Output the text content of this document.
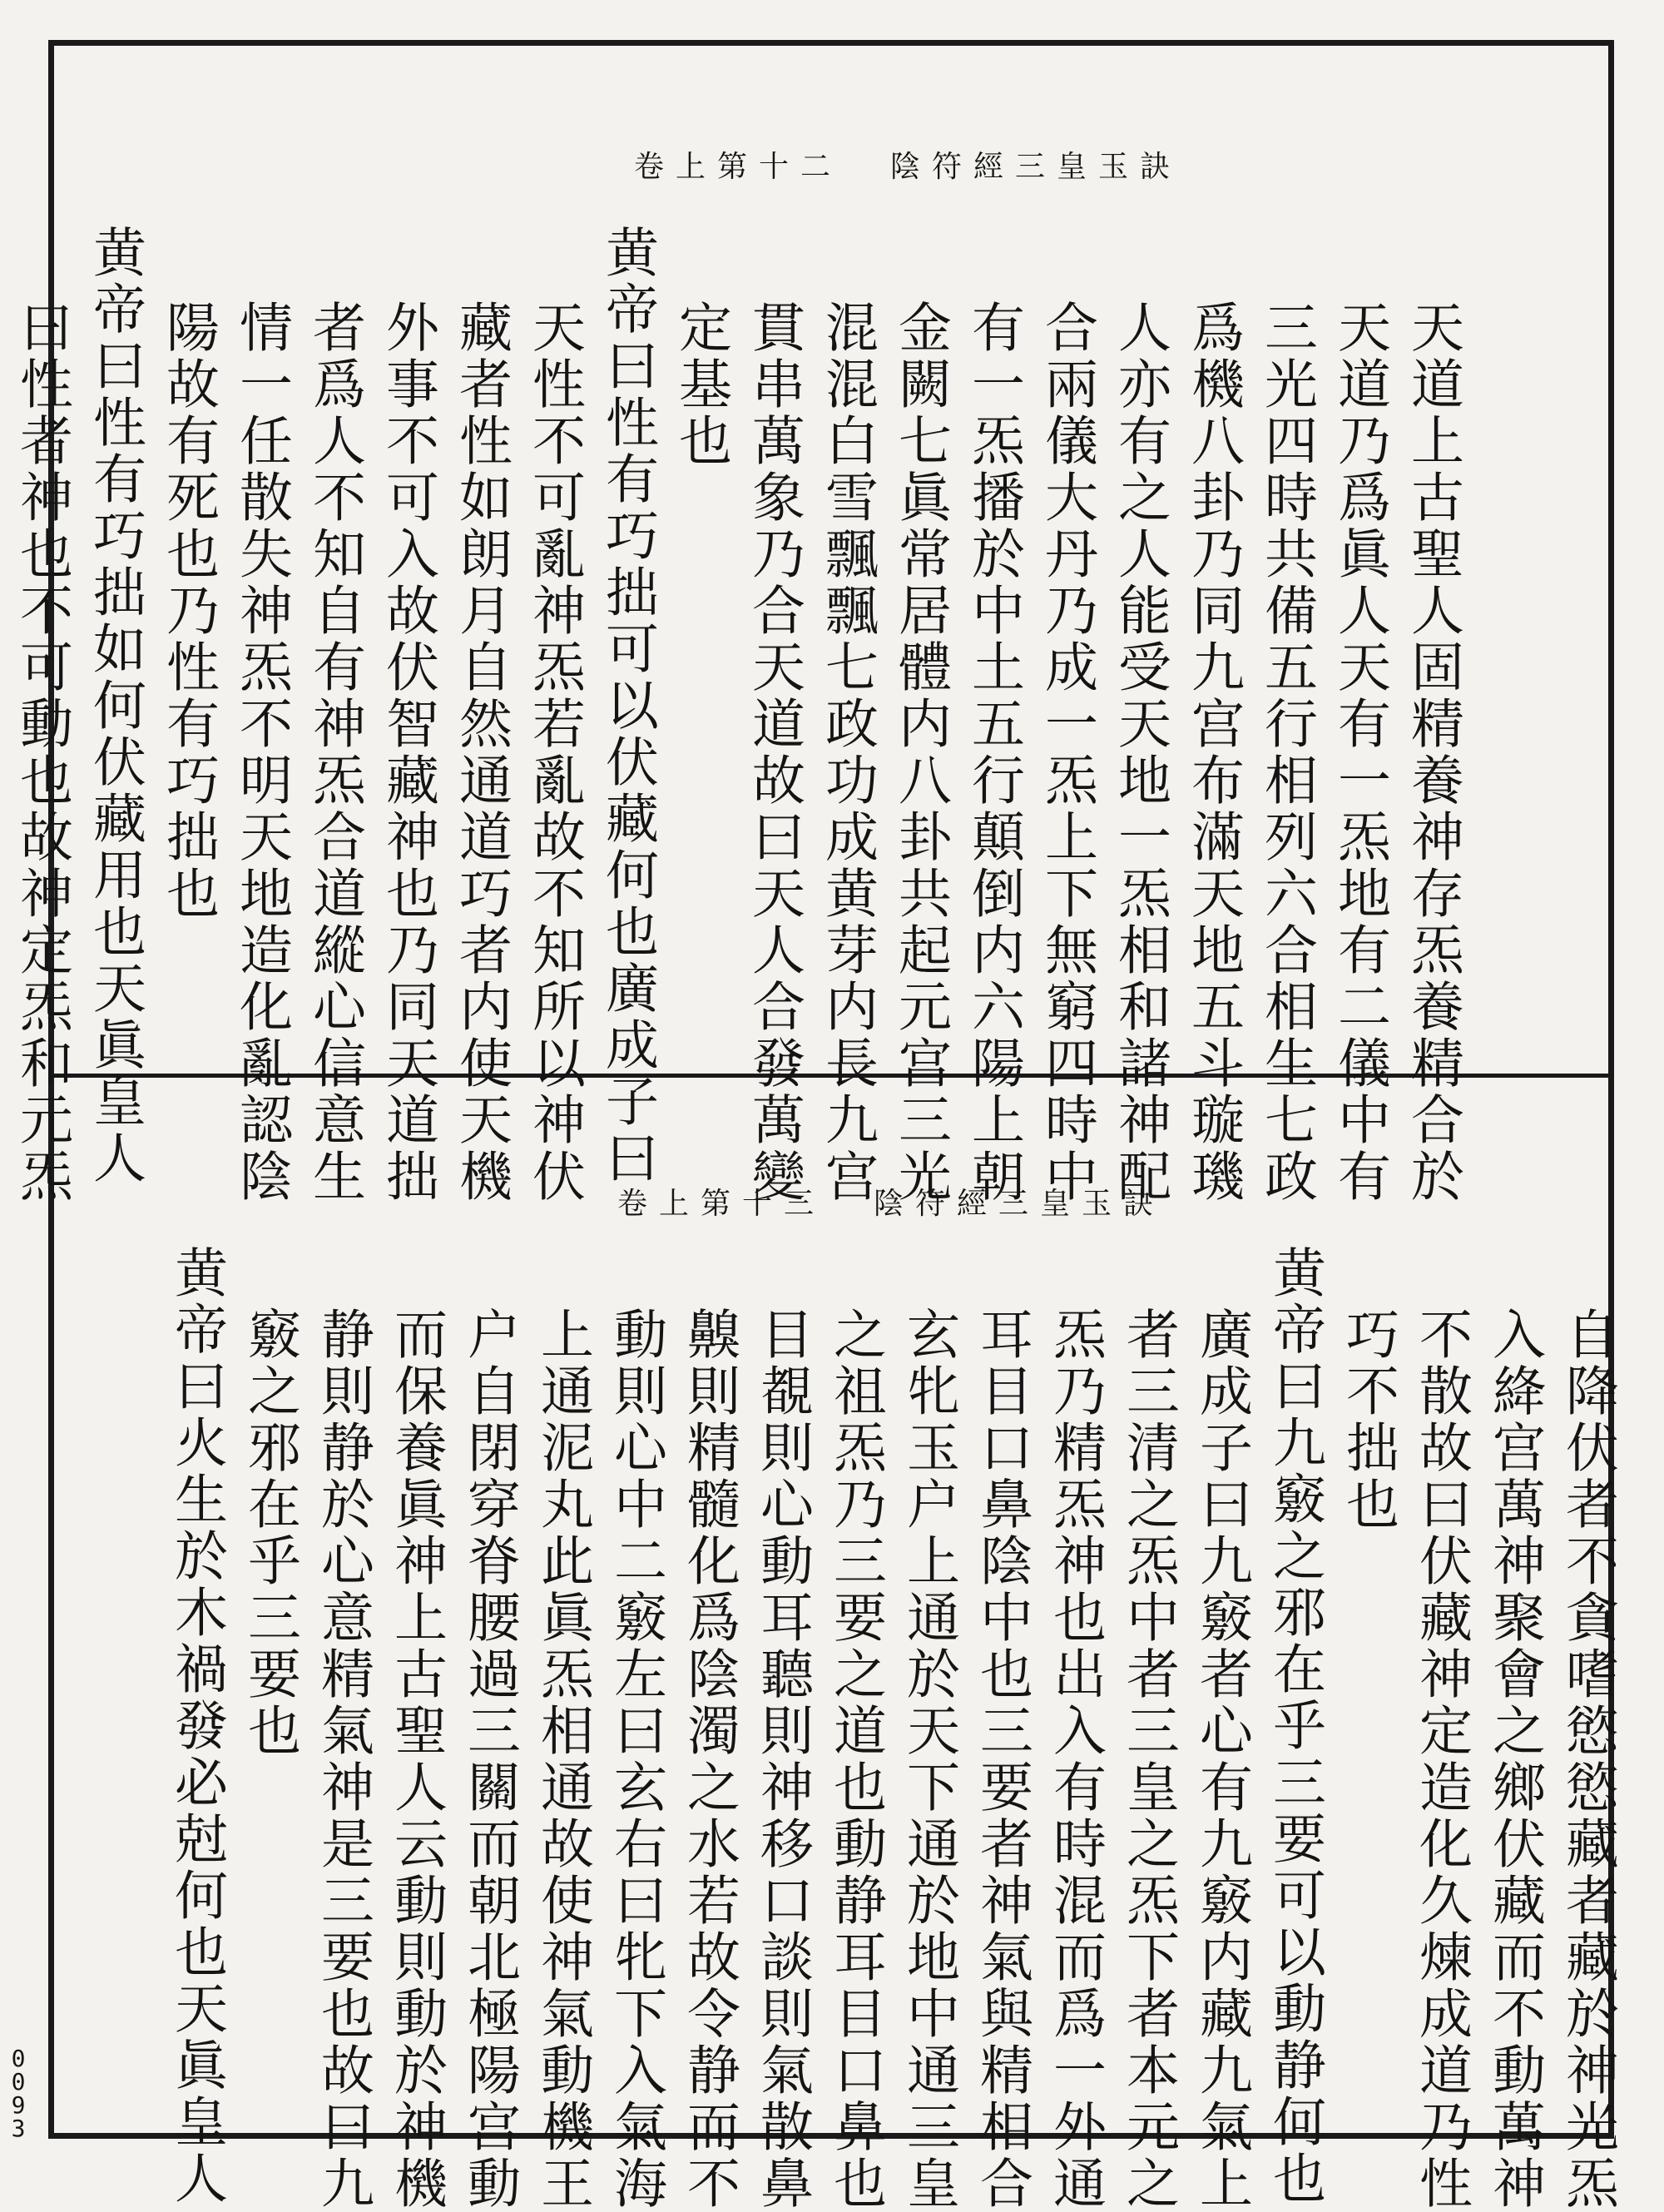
陰符經三皇玉訣卷上第十二
天道上古聖人固精養神存炁養精合於
天道乃爲眞人天有一炁地有二儀中有
三光四時共備五行相列六合相生七政
爲機八卦乃同九宫布滿天地五斗璇璣
人亦有之人能受天地一炁相和諸神配
合兩儀大丹乃成一炁上下無窮四時中
有一炁播於中土五行顛倒内六陽上朝
金闕七眞常居體内八卦共起元宫三光
混混白雪飄飄七政功成黄芽内長九宫
貫串萬象乃合天道故曰天人合發萬變
定基也
黄帝曰性有巧拙可以伏藏何也廣成子曰
天性不可亂神炁若亂故不知所以神伏
藏者性如朗月自然通道巧者内使天機
外事不可入故伏智藏神也乃同天道拙
者爲人不知自有神炁合道縱心信意生
情一任散失神炁不明天地造化亂認陰
陽故有死也乃性有巧拙也
黄帝曰性有巧拙如何伏藏用也天眞皇人
曰性者神也不可動也故神定炁和元炁	陰符經三皇玉訣卷上第十三
自降伏者不貪嗜慾慾藏者藏於神光炁
入絳宫萬神聚會之鄉伏藏而不動萬神
不散故曰伏藏神定造化久煉成道乃性
巧不拙也
黄帝曰九竅之邪在乎三要可以動静何也
廣成子曰九竅者心有九竅内藏九氣上
者三清之炁中者三皇之炁下者本元之
炁乃精炁神也出入有時混而爲一外通
耳目口鼻陰中也三要者神氣與精相合
玄牝玉户上通於天下通於地中通三皇
之祖炁乃三要之道也動静耳目口鼻也
目覩則心動耳聽則神移口談則氣散鼻
齅則精髓化爲陰濁之水若故令静而不
動則心中二竅左曰玄右曰牝下入氣海
上通泥丸此眞炁相通故使神氣動機王
户自閉穿脊腰過三關而朝北極陽宫動
而保養眞神上古聖人云動則動於神機
静則静於心意精氣神是三要也故曰九
竅之邪在乎三要也
黄帝曰火生於木禍發必尅何也天眞皇人
0093
